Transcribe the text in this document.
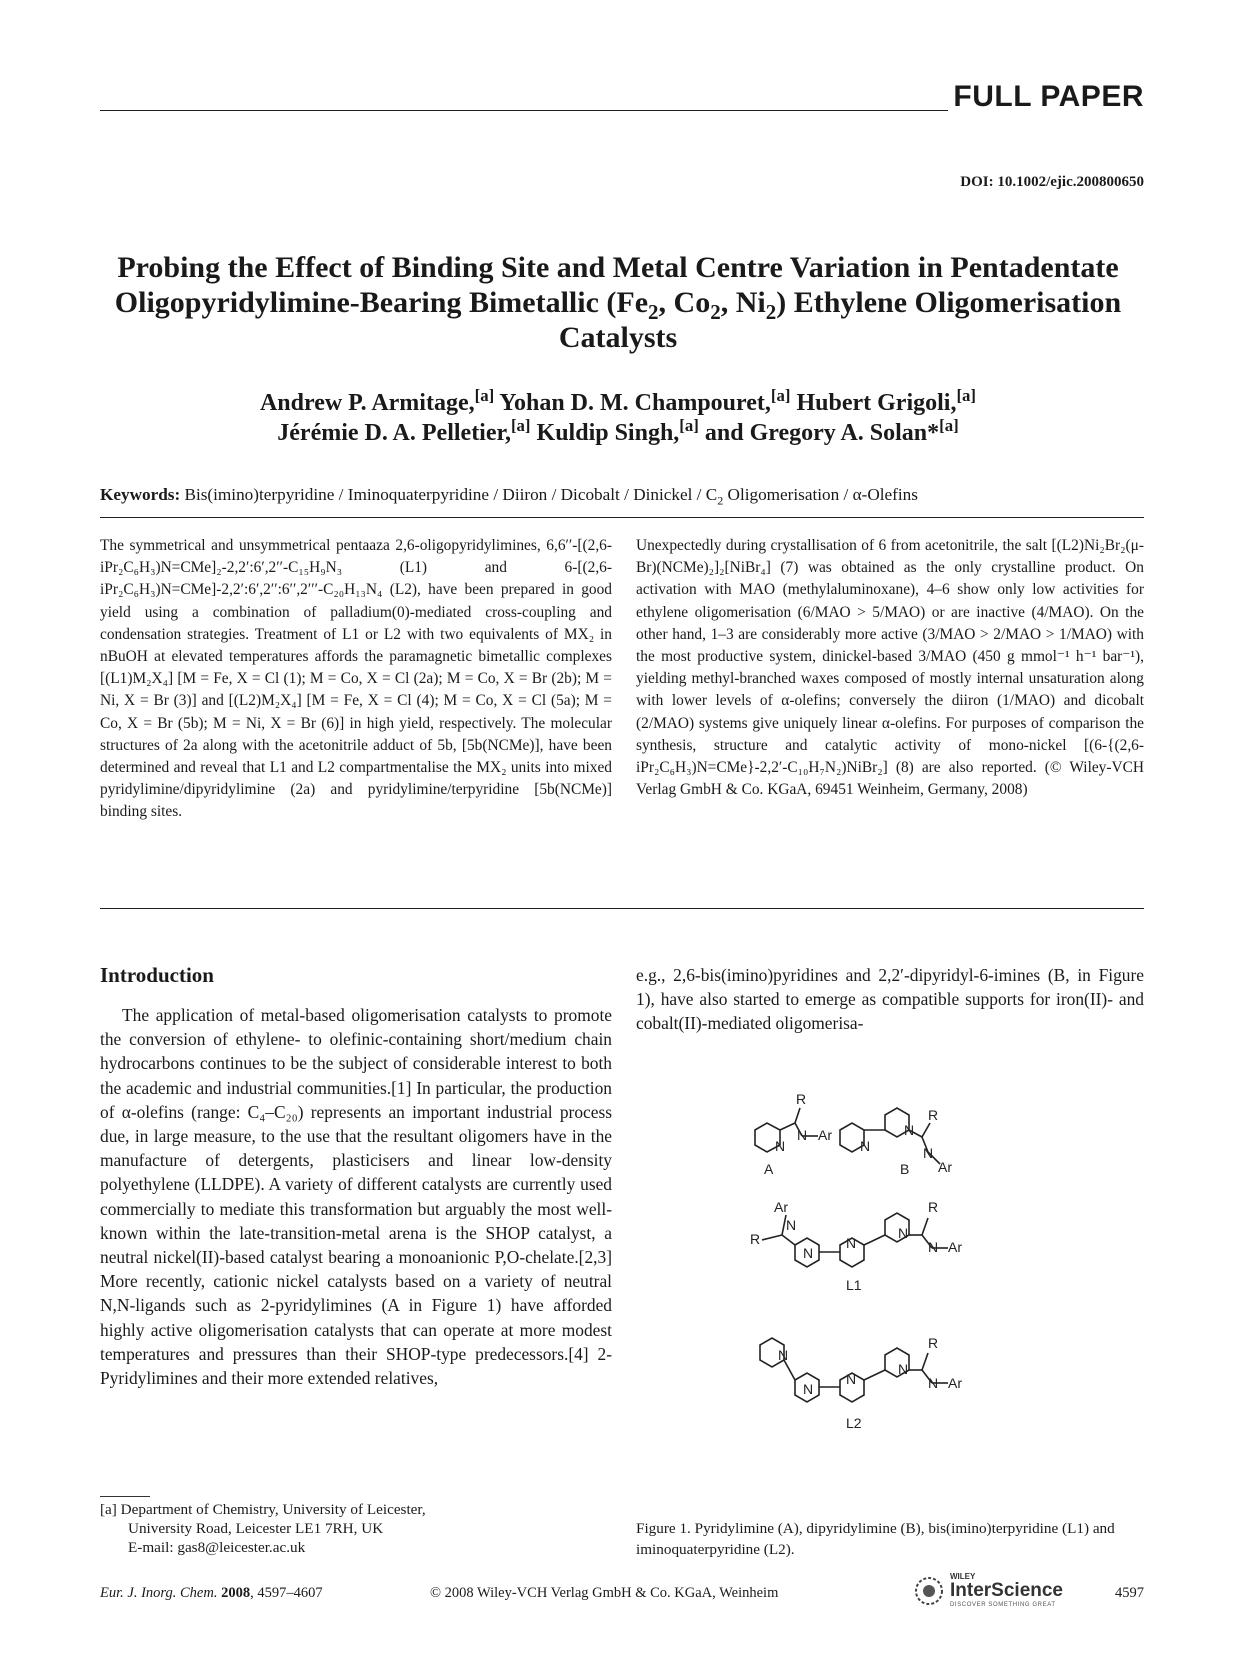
FULL PAPER
DOI: 10.1002/ejic.200800650
Probing the Effect of Binding Site and Metal Centre Variation in Pentadentate
Oligopyridylimine-Bearing Bimetallic ($Fe_2$, $Co_2$, $Ni_2$) Ethylene Oligomerisation
Catalysts
Andrew P. Armitage,[a] Yohan D. M. Champouret,[a] Hubert Grigoli,[a]
Jérémie D. A. Pelletier,[a] Kuldip Singh,[a] and Gregory A. Solan*[a]
Keywords: Bis(imino)terpyridine / Iminoquaterpyridine / Diiron / Dicobalt / Dinickel / $C_2$ Oligomerisation / α-Olefins
The symmetrical and unsymmetrical pentaaza 2,6-oligopyridylimines, 6,6′′-[(2,6-iPr₂C₆H₃)N=CMe]₂-2,2′:6′,2′′-C₁₅H₉N₃ (L1) and 6-[(2,6-iPr₂C₆H₃)N=CMe]-2,2′:6′,2′′:6′′,2′′′-C₂₀H₁₃N₄ (L2), have been prepared in good yield using a combination of palladium(0)-mediated cross-coupling and condensation strategies. Treatment of L1 or L2 with two equivalents of MX₂ in nBuOH at elevated temperatures affords the paramagnetic bimetallic complexes [(L1)M₂X₄] [M = Fe, X = Cl (1); M = Co, X = Cl (2a); M = Co, X = Br (2b); M = Ni, X = Br (3)] and [(L2)M₂X₄] [M = Fe, X = Cl (4); M = Co, X = Cl (5a); M = Co, X = Br (5b); M = Ni, X = Br (6)] in high yield, respectively. The molecular structures of 2a along with the acetonitrile adduct of 5b, [5b(NCMe)], have been determined and reveal that L1 and L2 compartmentalise the MX₂ units into mixed pyridylimine/dipyridylimine (2a) and pyridylimine/terpyridine [5b(NCMe)] binding sites.
Unexpectedly during crystallisation of 6 from acetonitrile, the salt [(L2)Ni₂Br₂(μ-Br)(NCMe)₂]₂[NiBr₄] (7) was obtained as the only crystalline product. On activation with MAO (methylaluminoxane), 4–6 show only low activities for ethylene oligomerisation (6/MAO > 5/MAO) or are inactive (4/MAO). On the other hand, 1–3 are considerably more active (3/MAO > 2/MAO > 1/MAO) with the most productive system, dinickel-based 3/MAO (450 g mmol⁻¹ h⁻¹ bar⁻¹), yielding methyl-branched waxes composed of mostly internal unsaturation along with lower levels of α-olefins; conversely the diiron (1/MAO) and dicobalt (2/MAO) systems give uniquely linear α-olefins. For purposes of comparison the synthesis, structure and catalytic activity of mono-nickel [(6-{(2,6-iPr₂C₆H₃)N=CMe}-2,2′-C₁₀H₇N₂)NiBr₂] (8) are also reported. (© Wiley-VCH Verlag GmbH & Co. KGaA, 69451 Weinheim, Germany, 2008)
Introduction
The application of metal-based oligomerisation catalysts to promote the conversion of ethylene- to olefinic-containing short/medium chain hydrocarbons continues to be the subject of considerable interest to both the academic and industrial communities.[1] In particular, the production of α-olefins (range: C₄–C₂₀) represents an important industrial process due, in large measure, to the use that the resultant oligomers have in the manufacture of detergents, plasticisers and linear low-density polyethylene (LLDPE). A variety of different catalysts are currently used commercially to mediate this transformation but arguably the most well-known within the late-transition-metal arena is the SHOP catalyst, a neutral nickel(II)-based catalyst bearing a monoanionic P,O-chelate.[2,3] More recently, cationic nickel catalysts based on a variety of neutral N,N-ligands such as 2-pyridylimines (A in Figure 1) have afforded highly active oligomerisation catalysts that can operate at more modest temperatures and pressures than their SHOP-type predecessors.[4] 2-Pyridylimines and their more extended relatives,
e.g., 2,6-bis(imino)pyridines and 2,2′-dipyridyl-6-imines (B, in Figure 1), have also started to emerge as compatible supports for iron(II)- and cobalt(II)-mediated oligomerisa-
N
R
N Ar
A
N
N
R
N
Ar
B
Ar
N
R
N
N
N
R
N Ar
L1
N
N
N
N
R
N Ar
L2
Figure 1. Pyridylimine (A), dipyridylimine (B), bis(imino)terpyridine (L1) and iminoquaterpyridine (L2).
[a] Department of Chemistry, University of Leicester,
University Road, Leicester LE1 7RH, UK
E-mail: gas8@leicester.ac.uk
Eur. J. Inorg. Chem. 2008, 4597–4607	© 2008 Wiley-VCH Verlag GmbH & Co. KGaA, Weinheim
WILEY
InterScience
DISCOVER SOMETHING GREAT
4597
